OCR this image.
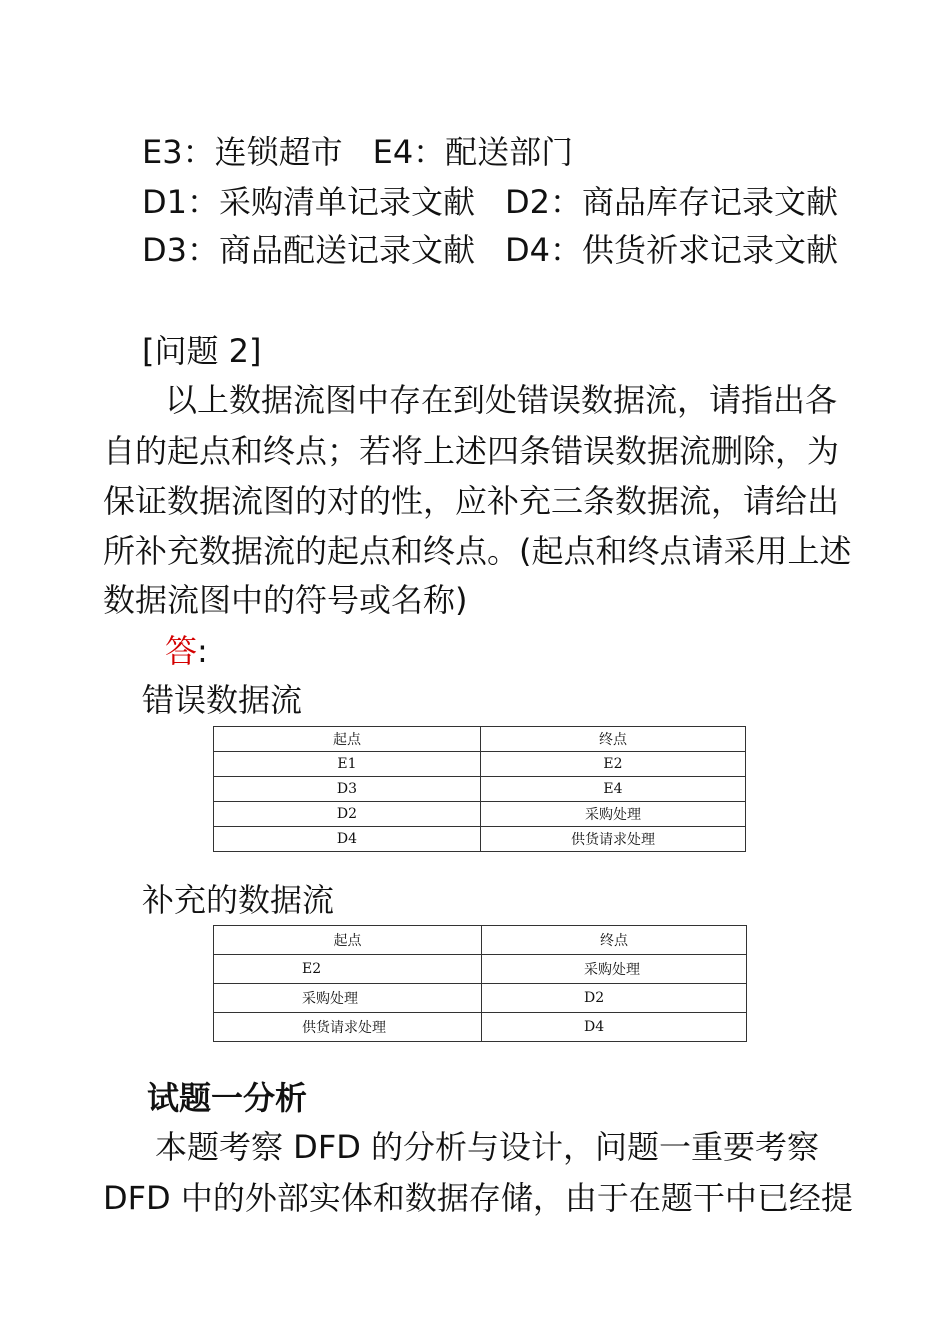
E3：连锁超市 E4：配送部门
D1：采购清单记录文献 D2：商品库存记录文献
D3：商品配送记录文献 D4：供货祈求记录文献
[问题 2]
以上数据流图中存在到处错误数据流，请指出各
自的起点和终点；若将上述四条错误数据流删除，为
保证数据流图的对的性，应补充三条数据流，请给出
所补充数据流的起点和终点。(起点和终点请采用上述
数据流图中的符号或名称)
答:
错误数据流
起点	终点
E1	E2
D3	E4
D2	采购处理
D4	供货请求处理
补充的数据流
起点	终点
E2	采购处理
采购处理	D2
供货请求处理	D4
试题一分析
本题考察 DFD 的分析与设计，问题一重要考察
DFD 中的外部实体和数据存储，由于在题干中已经提
